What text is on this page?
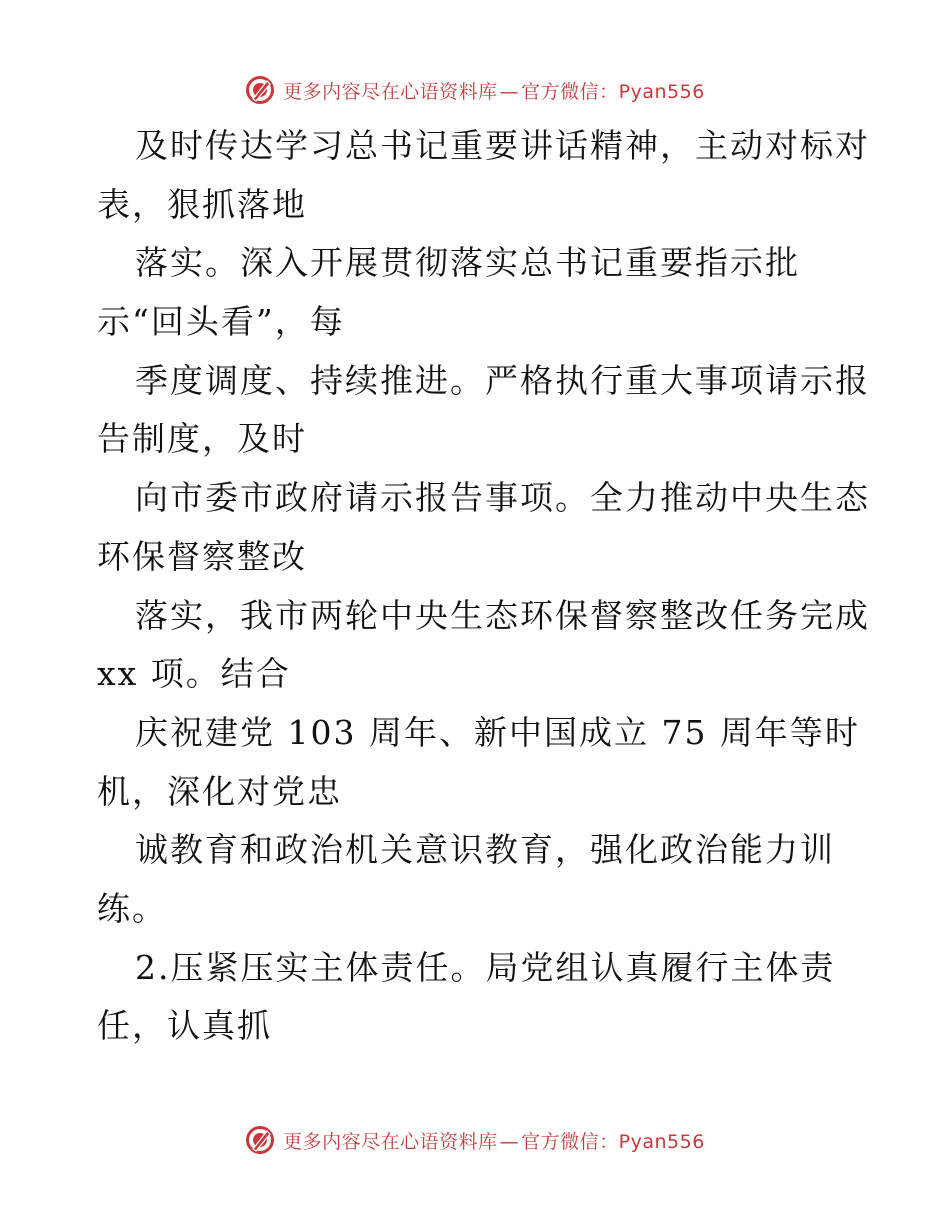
更多内容尽在心语资料库 — 官方微信：Pyan556
及时传达学习总书记重要讲话精神，主动对标对
表，狠抓落地
落实。深入开展贯彻落实总书记重要指示批
示“回头看”，每
季度调度、持续推进。严格执行重大事项请示报
告制度，及时
向市委市政府请示报告事项。全力推动中央生态
环保督察整改
落实，我市两轮中央生态环保督察整改任务完成
xx 项。结合
庆祝建党 103 周年、新中国成立 75 周年等时
机，深化对党忠
诚教育和政治机关意识教育，强化政治能力训
练。
2.压紧压实主体责任。局党组认真履行主体责
任，认真抓
更多内容尽在心语资料库 — 官方微信：Pyan556
